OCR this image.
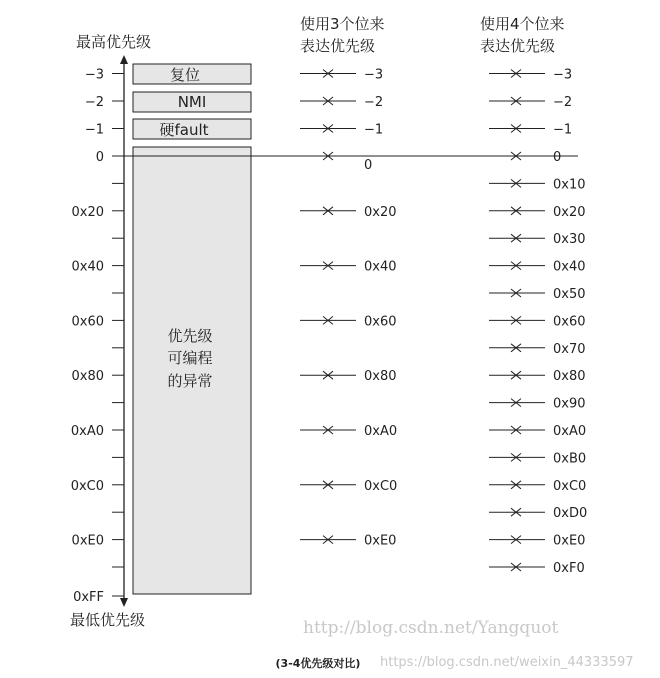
最高优先级
最低优先级
使用3个位来
表达优先级
使用4个位来
表达优先级
复位
NMI
硬fault
优先级
可编程
的异常
−3
−2
−1
0
0x20
0x40
0x60
0x80
0xA0
0xC0
0xE0
0xFF
−3
−2
−1
0
0x20
0x40
0x60
0x80
0xA0
0xC0
0xE0
−3
−2
−1
0
0x10
0x20
0x30
0x40
0x50
0x60
0x70
0x80
0x90
0xA0
0xB0
0xC0
0xD0
0xE0
0xF0
(3-4优先级对比)
http://blog.csdn.net/Yangquot
https://blog.csdn.net/weixin_44333597
